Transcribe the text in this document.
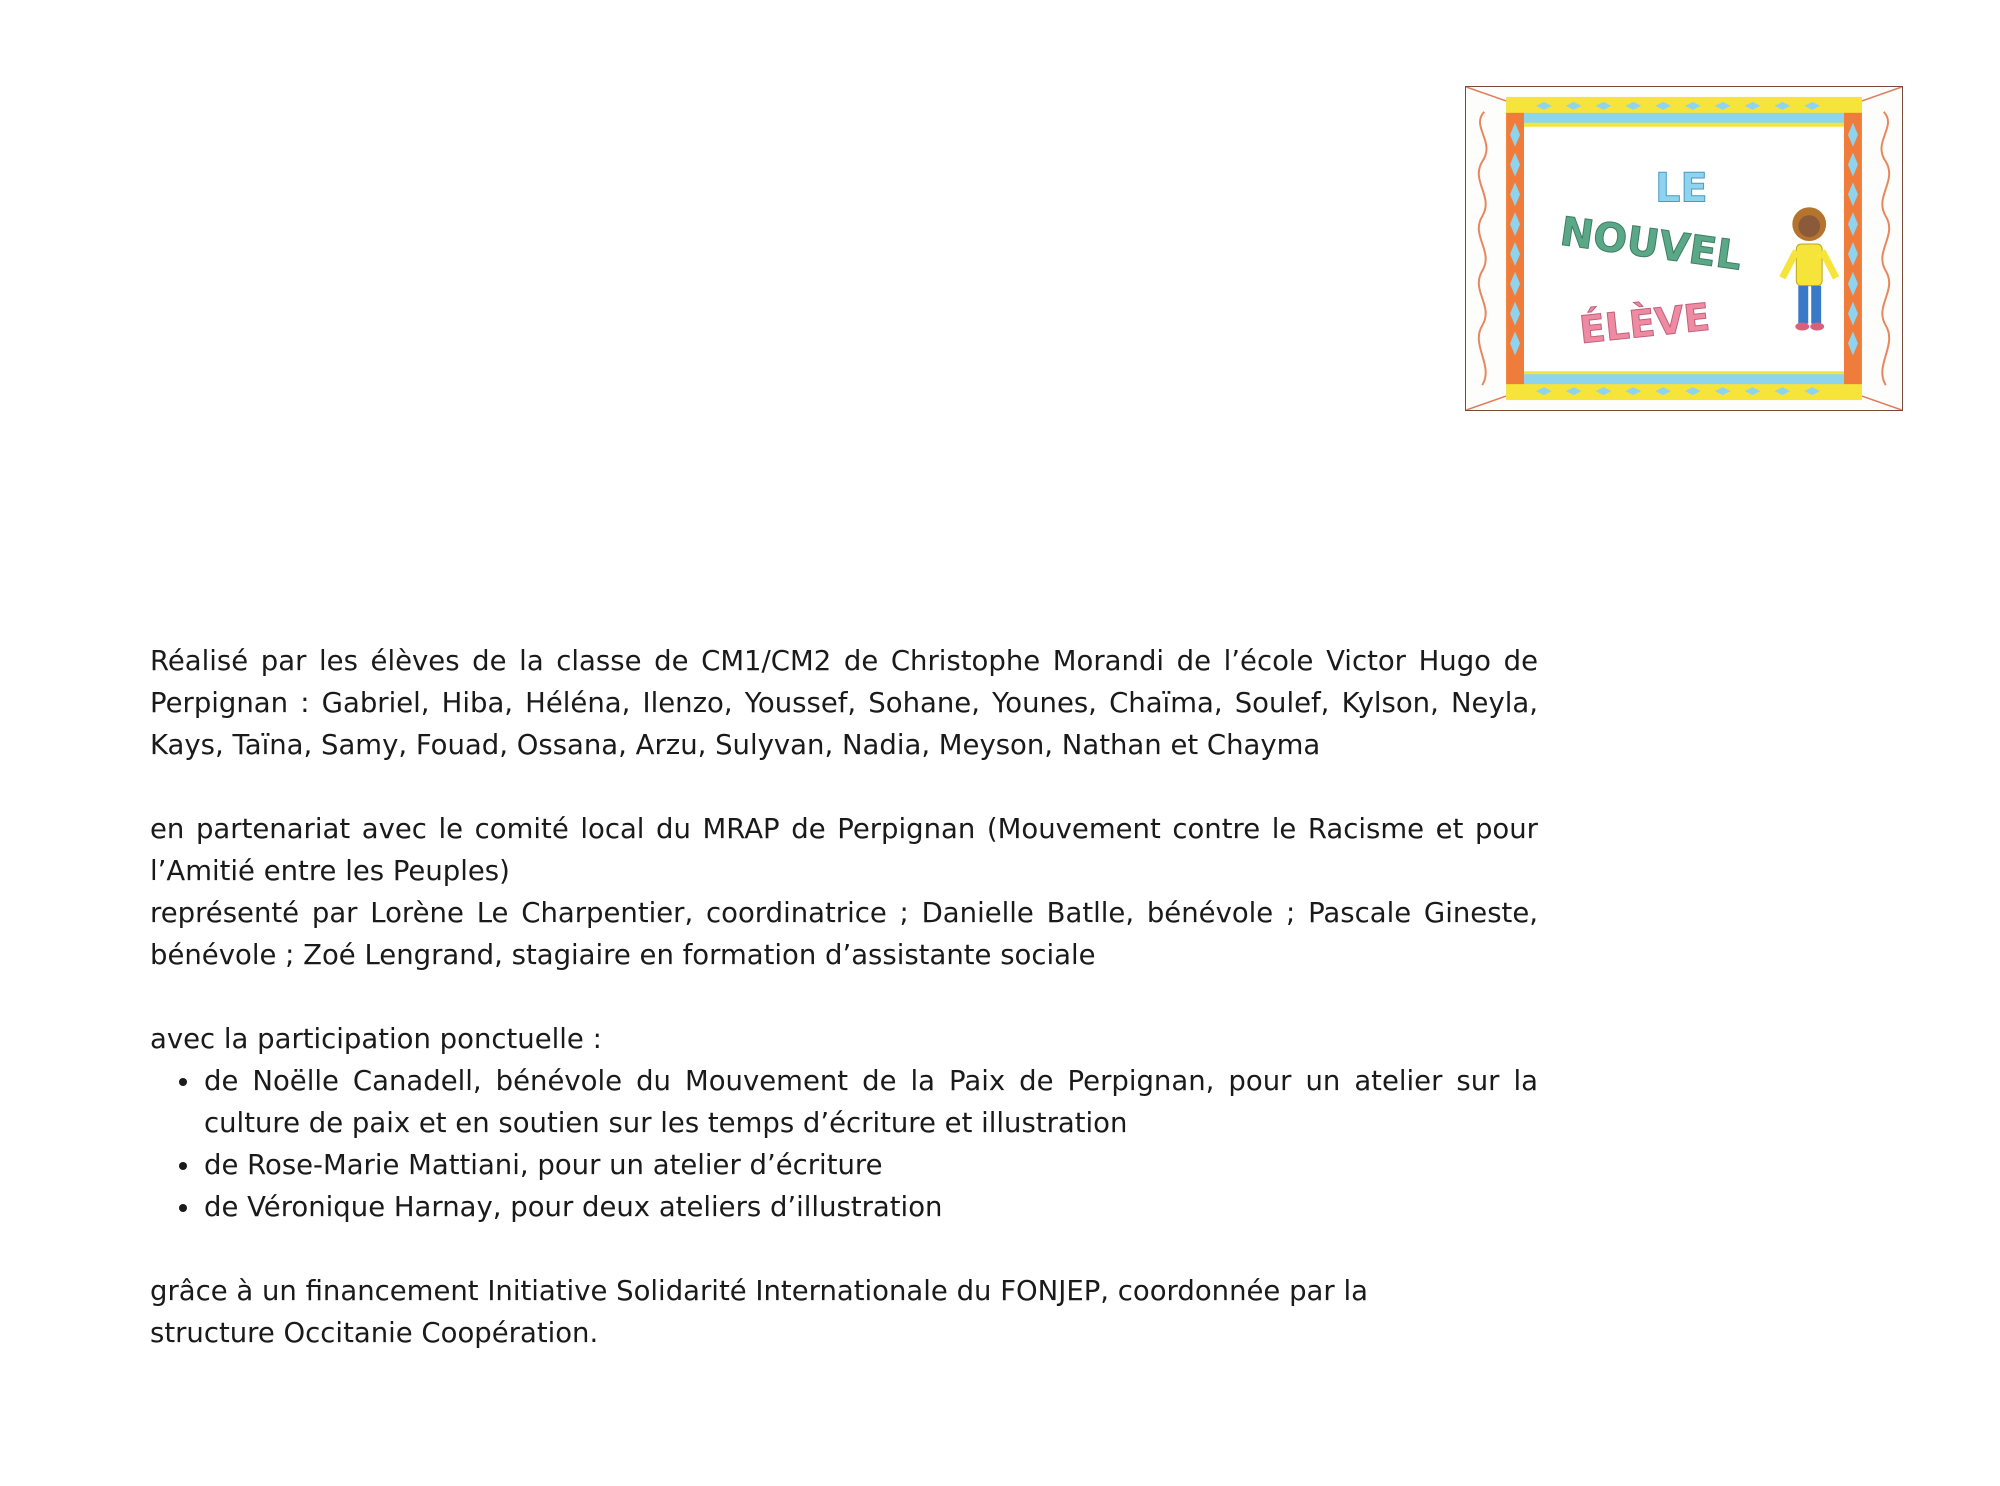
LE
NOUVEL
ÉLÈVE

Réalisé par les élèves de la classe de CM1/CM2 de Christophe Morandi de l’école Victor Hugo de Perpignan : Gabriel, Hiba, Héléna, Ilenzo, Youssef, Sohane, Younes, Chaïma, Soulef, Kylson, Neyla, Kays, Taïna, Samy, Fouad, Ossana, Arzu, Sulyvan, Nadia, Meyson, Nathan et Chayma

en partenariat avec le comité local du MRAP de Perpignan (Mouvement contre le Racisme et pour l’Amitié entre les Peuples)

représenté par Lorène Le Charpentier, coordinatrice ; Danielle Batlle, bénévole ; Pascale Gineste, bénévole ; Zoé Lengrand, stagiaire en formation d’assistante sociale

avec la participation ponctuelle :

• de Noëlle Canadell, bénévole du Mouvement de la Paix de Perpignan, pour un atelier sur la culture de paix et en soutien sur les temps d’écriture et illustration
• de Rose-Marie Mattiani, pour un atelier d’écriture
• de Véronique Harnay, pour deux ateliers d’illustration

grâce à un financement Initiative Solidarité Internationale du FONJEP, coordonnée par la structure Occitanie Coopération.
